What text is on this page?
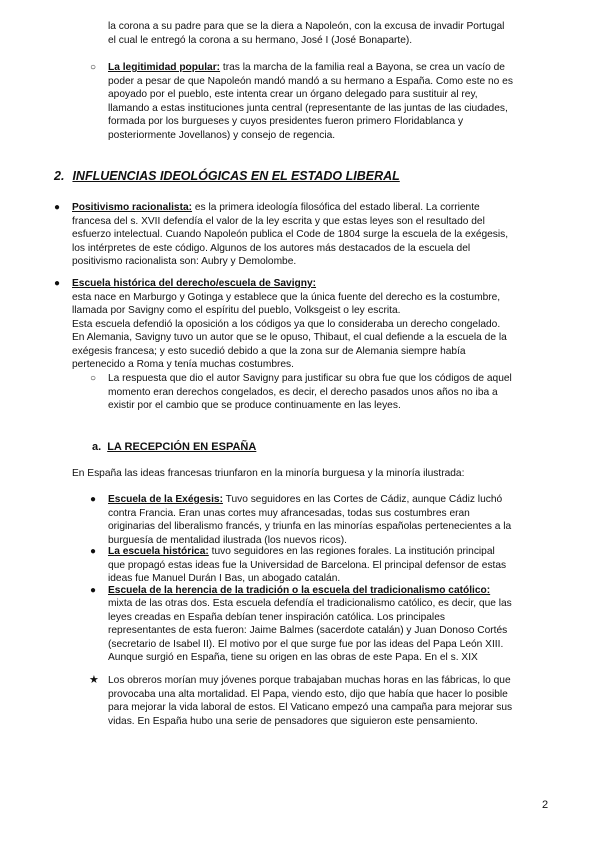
la corona a su padre para que se la diera a Napoleón, con la excusa de invadir Portugal

el cual le entregó la corona a su hermano, José I (José Bonaparte).

○ La legitimidad popular: tras la marcha de la familia real a Bayona, se crea un vacío de

poder a pesar de que Napoleón mandó mandó a su hermano a España. Como este no es

apoyado por el pueblo, este intenta crear un órgano delegado para sustituir al rey,

llamando a estas instituciones junta central (representante de las juntas de las ciudades,

formada por los burgueses y cuyos presidentes fueron primero Floridablanca y

posteriormente Jovellanos) y consejo de regencia.

2. INFLUENCIAS IDEOLÓGICAS EN EL ESTADO LIBERAL
● Positivismo racionalista: es la primera ideología filosófica del estado liberal. La corriente

francesa del s. XVII defendía el valor de la ley escrita y que estas leyes son el resultado del

esfuerzo intelectual. Cuando Napoleón publica el Code de 1804 surge la escuela de la exégesis,

los intérpretes de este código. Algunos de los autores más destacados de la escuela del

positivismo racionalista son: Aubry y Demolombe.

● Escuela histórica del derecho/escuela de Savigny:

esta nace en Marburgo y Gotinga y establece que la única fuente del derecho es la costumbre,

llamada por Savigny como el espíritu del pueblo, Volksgeist o ley escrita.

Esta escuela defendió la oposición a los códigos ya que lo consideraba un derecho congelado.

En Alemania, Savigny tuvo un autor que se le opuso, Thibaut, el cual defiende a la escuela de la

exégesis francesa; y esto sucedió debido a que la zona sur de Alemania siempre había

pertenecido a Roma y tenía muchas costumbres.

○ La respuesta que dio el autor Savigny para justificar su obra fue que los códigos de aquel

momento eran derechos congelados, es decir, el derecho pasados unos años no iba a

existir por el cambio que se produce continuamente en las leyes.

a. LA RECEPCIÓN EN ESPAÑA

En España las ideas francesas triunfaron en la minoría burguesa y la minoría ilustrada:

● Escuela de la Exégesis: Tuvo seguidores en las Cortes de Cádiz, aunque Cádiz luchó

contra Francia. Eran unas cortes muy afrancesadas, todas sus costumbres eran

originarias del liberalismo francés, y triunfa en las minorías españolas pertenecientes a la

burguesía de mentalidad ilustrada (los nuevos ricos).

● La escuela histórica: tuvo seguidores en las regiones forales. La institución principal

que propagó estas ideas fue la Universidad de Barcelona. El principal defensor de estas

ideas fue Manuel Durán I Bas, un abogado catalán.

● Escuela de la herencia de la tradición o la escuela del tradicionalismo católico:

mixta de las otras dos. Esta escuela defendía el tradicionalismo católico, es decir, que las

leyes creadas en España debían tener inspiración católica. Los principales

representantes de esta fueron: Jaime Balmes (sacerdote catalán) y Juan Donoso Cortés

(secretario de Isabel II). El motivo por el que surge fue por las ideas del Papa León XIII.

Aunque surgió en España, tiene su origen en las obras de este Papa. En el s. XIX

★ Los obreros morían muy jóvenes porque trabajaban muchas horas en las fábricas, lo que

provocaba una alta mortalidad. El Papa, viendo esto, dijo que había que hacer lo posible

para mejorar la vida laboral de estos. El Vaticano empezó una campaña para mejorar sus

vidas. En España hubo una serie de pensadores que siguieron este pensamiento.

2
